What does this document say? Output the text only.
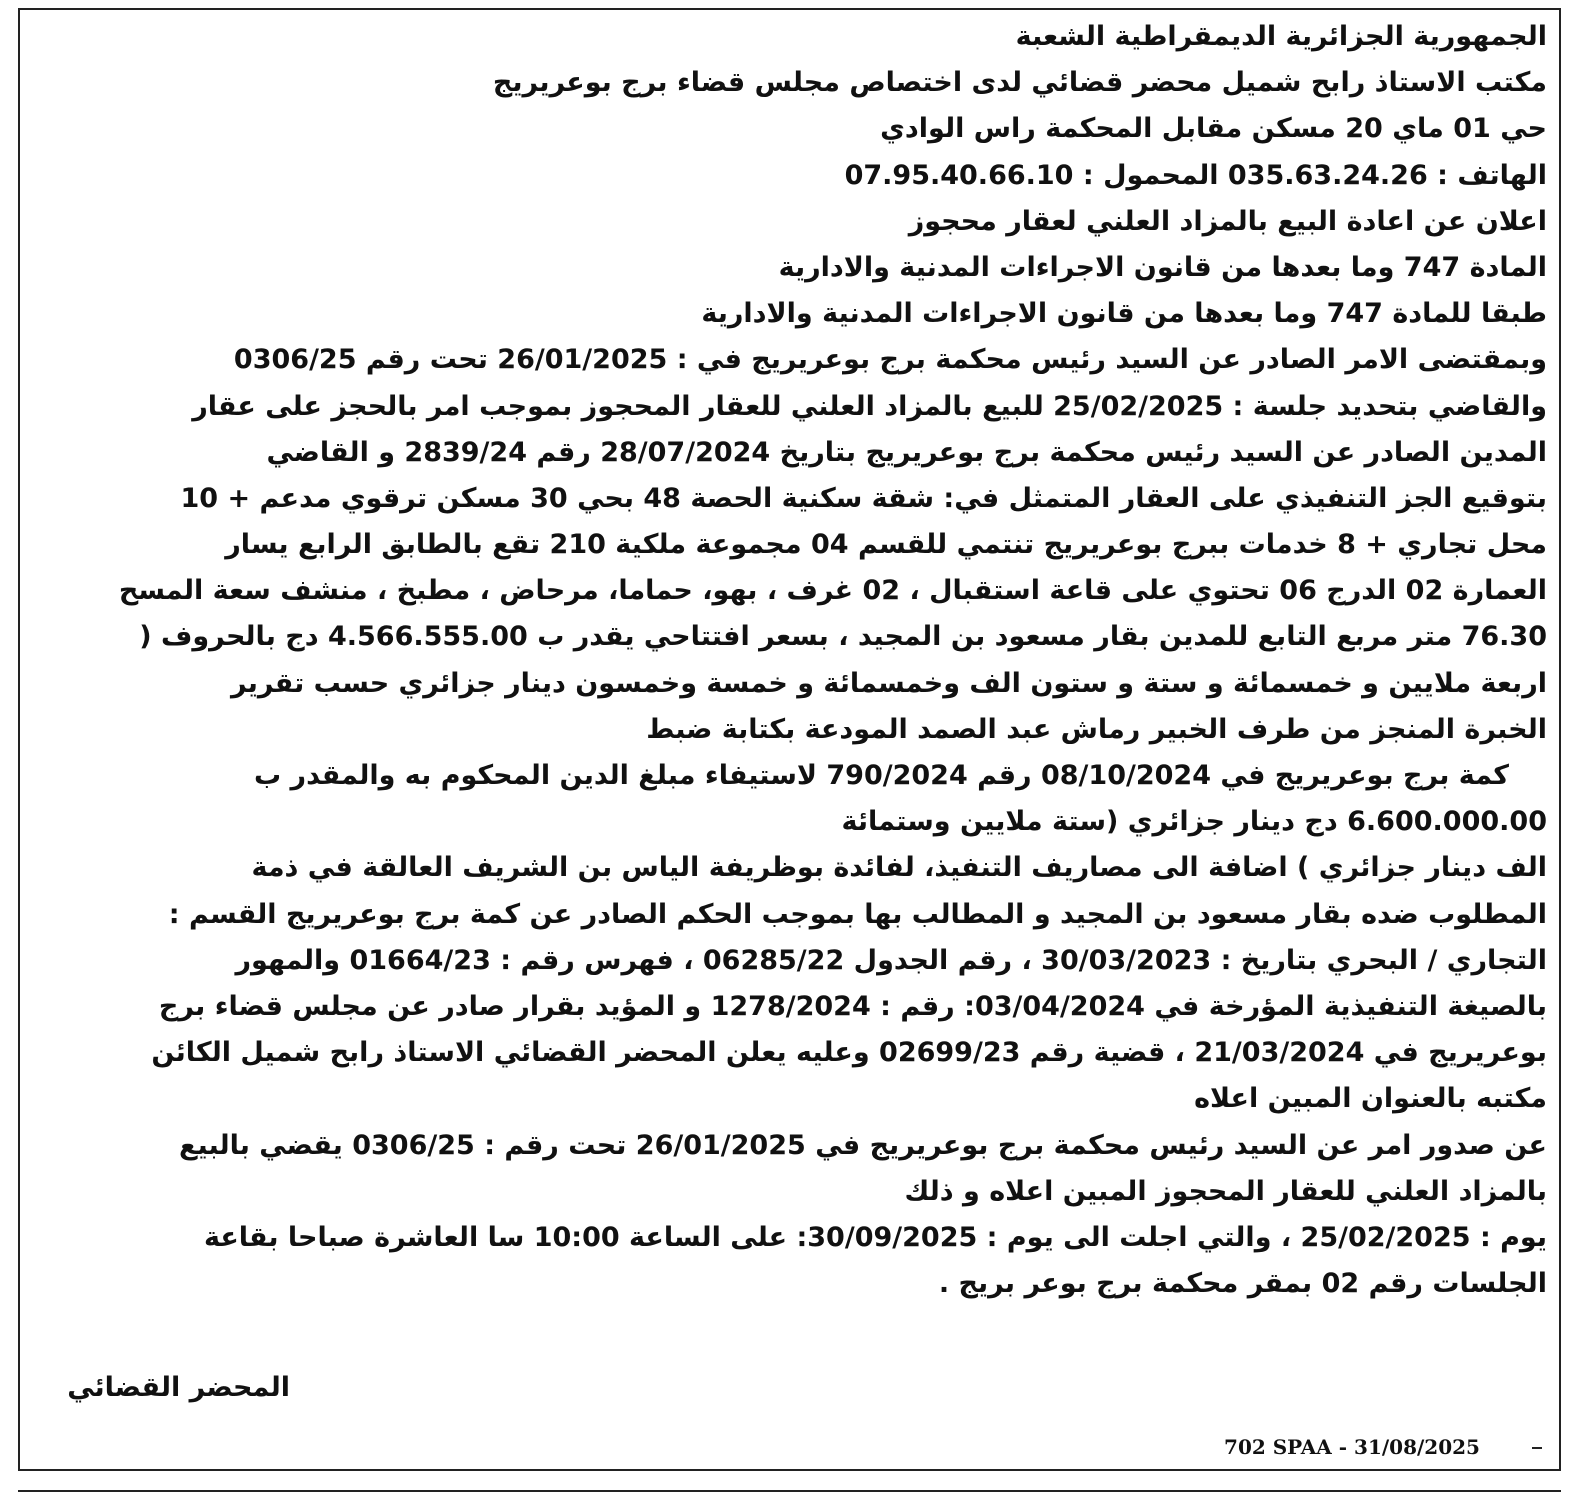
الجمهورية الجزائرية الديمقراطية الشعبة
مكتب الاستاذ رابح شميل محضر قضائي لدى اختصاص مجلس قضاء برج بوعريريج
حي 01 ماي 20 مسكن مقابل المحكمة راس الوادي
الهاتف : 035.63.24.26 المحمول : 07.95.40.66.10
اعلان عن اعادة البيع بالمزاد العلني لعقار محجوز
المادة 747 وما بعدها من قانون الاجراءات المدنية والادارية
طبقا للمادة 747 وما بعدها من قانون الاجراءات المدنية والادارية
وبمقتضى الامر الصادر عن السيد رئيس محكمة برج بوعريريج في : 26/01/2025 تحت رقم 0306/25
والقاضي بتحديد جلسة : 25/02/2025 للبيع بالمزاد العلني للعقار المحجوز بموجب امر بالحجز على عقار
المدين الصادر عن السيد رئيس محكمة برج بوعريريج بتاريخ 28/07/2024 رقم 2839/24 و القاضي
بتوقيع الجز التنفيذي على العقار المتمثل في: شقة سكنية الحصة 48 بحي 30 مسكن ترقوي مدعم + 10
محل تجاري + 8 خدمات ببرج بوعريريج تنتمي للقسم 04 مجموعة ملكية 210 تقع بالطابق الرابع يسار
العمارة 02 الدرج 06 تحتوي على قاعة استقبال ، 02 غرف ، بهو، حماما، مرحاض ، مطبخ ، منشف سعة المسح
76.30 متر مربع التابع للمدين بقار مسعود بن المجيد ، بسعر افتتاحي يقدر ب 4.566.555.00 دج بالحروف (
اربعة ملايين و خمسمائة و ستة و ستون الف وخمسمائة و خمسة وخمسون دينار جزائري حسب تقرير
الخبرة المنجز من طرف الخبير رماش عبد الصمد المودعة بكتابة ضبط
كمة برج بوعريريج في 08/10/2024 رقم 790/2024 لاستيفاء مبلغ الدين المحكوم به والمقدر ب
6.600.000.00 دج دينار جزائري (ستة ملايين وستمائة
الف دينار جزائري ) اضافة الى مصاريف التنفيذ، لفائدة بوظريفة الياس بن الشريف العالقة في ذمة
المطلوب ضده بقار مسعود بن المجيد و المطالب بها بموجب الحكم الصادر عن كمة برج بوعريريج القسم :
التجاري / البحري بتاريخ : 30/03/2023 ، رقم الجدول 06285/22 ، فهرس رقم : 01664/23 والمهور
بالصيغة التنفيذية المؤرخة في 03/04/2024: رقم : 1278/2024 و المؤيد بقرار صادر عن مجلس قضاء برج
بوعريريج في 21/03/2024 ، قضية رقم 02699/23 وعليه يعلن المحضر القضائي الاستاذ رابح شميل الكائن
مكتبه بالعنوان المبين اعلاه
عن صدور امر عن السيد رئيس محكمة برج بوعريريج في 26/01/2025 تحت رقم : 0306/25 يقضي بالبيع
بالمزاد العلني للعقار المحجوز المبين اعلاه و ذلك
يوم : 25/02/2025 ، والتي اجلت الى يوم : 30/09/2025: على الساعة 10:00 سا العاشرة صباحا بقاعة
الجلسات رقم 02 بمقر محكمة برج بوعر بريج .
المحضر القضائي
702 SPAA - 31/08/2025
